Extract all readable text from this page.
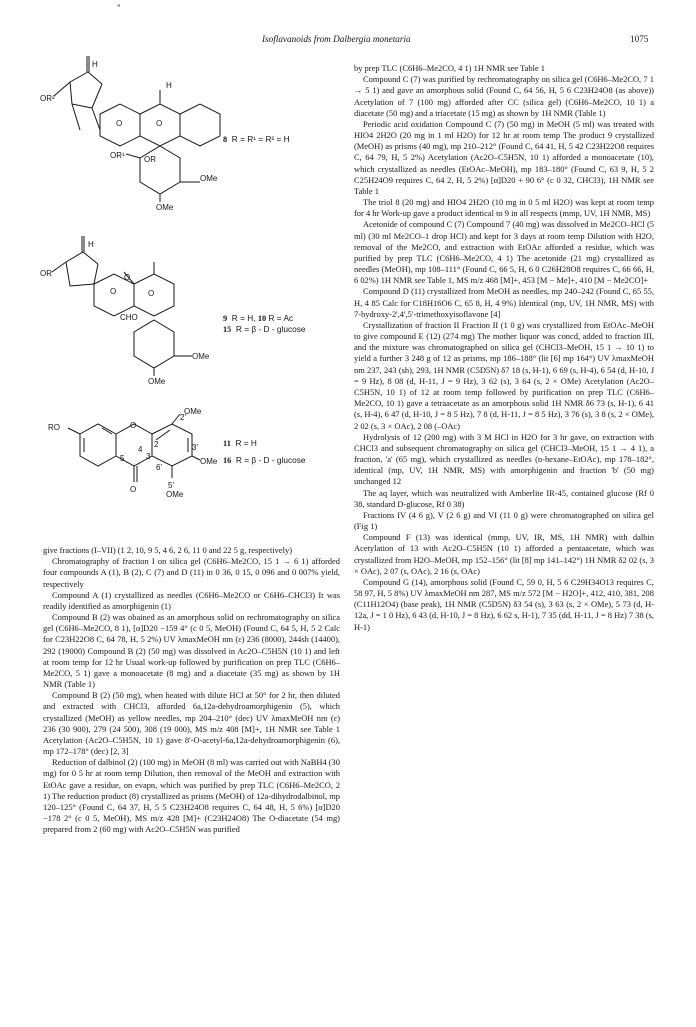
"
Isoflavanoids from Dalbergia monetaria	1075
H
OR²
H
O	O
OR¹ OR
OMe
OMe
H
OR
O
O
O
CHO
OMe
OMe
RO	O
O
2
3
4
5
2'
3'
6'
5'
OMe
OMe
OMe
8 R = R¹ = R² = H
9 R = H, 10 R = Ac
15 R = β - D - glucose
11 R = H
16 R = β - D - glucose

give fractions (I–VII) (1 2, 10, 9 5, 4 6, 2 6, 11 0 and 22 5 g, respectively)

Chromatography of fraction I on silica gel (C6H6–Me2CO, 15 1 → 6 1) afforded four compounds A (1), B (2), C (7) and D (11) in 0 36, 0 15, 0 096 and 0 007% yield, respectively

Compound A (1) crystallized as needles (C6H6–Me2CO or C6H6–CHCl3) It was readily identified as amorphigenin (1)

Compound B (2) was obained as an amorphous solid on rechromatography on silica gel (C6H6–Me2CO, 8 1), [α]D20 −159 4° (c 0 5, MeOH) (Found C, 64 5, H, 5 2 Calc for C23H22O8 C, 64 78, H, 5 2%) UV λmaxMeOH nm (ε) 236 (8000), 244sh (14400), 292 (19000) Compound B (2) (50 mg) was dissolved in Ac2O–C5H5N (10 1) and left at room temp for 12 hr Usual work-up followed by purification on prep TLC (C6H6–Me2CO, 5 1) gave a monoacetate (8 mg) and a diacetate (35 mg) as shown by 1H NMR (Table 1)

Compound B (2) (50 mg), when heated with dilute HCl at 50° for 2 hr, then diluted and extracted with CHCl3, afforded 6a,12a-dehydroamorphigenin (5), which crystallized (MeOH) as yellow needles, mp 204–210° (dec) UV λmaxMeOH nm (ε) 236 (30 900), 279 (24 500), 308 (19 000), MS m/z 408 [M]+, 1H NMR see Table 1 Acetylation (Ac2O–C5H5N, 10 1) gave 8'-O-acetyl-6a,12a-dehydroamorphigenin (6), mp 172–178° (dec) [2, 3]

Reduction of dalbinol (2) (100 mg) in MeOH (8 ml) was carried out with NaBH4 (30 mg) for 0 5 hr at room temp Dilution, then removal of the MeOH and extraction with EtOAc gave a residue, on evapn, which was purified by prep TLC (C6H6–Me2CO, 2 1) The reduction product (8) crystallized as prisms (MeOH) of 12a-dihydrodalbinol, mp 120–125° (Found C, 64 37, H, 5 5 C23H24O8 requires C, 64 48, H, 5 6%) [α]D20 −178 2° (c 0 5, MeOH), MS m/z 428 [M]+ (C23H24O8) The O-diacetate (54 mg) prepared from 2 (60 mg) with Ac2O–C5H5N was purified

by prep TLC (C6H6–Me2CO, 4 1) 1H NMR see Table 1

Compound C (7) was purified by rechromatography on silica gel (C6H6–Me2CO, 7 1 → 5 1) and gave an amorphous solid (Found C, 64 56, H, 5 6 C23H24O8 (as above)) Acetylation of 7 (100 mg) afforded after CC (silica gel) (C6H6–Me2CO, 10 1) a diacetate (50 mg) and a triacetate (15 mg) as shown by 1H NMR (Table 1)

Periodic acid oxidation Compound C (7) (50 mg) in MeOH (5 ml) was treated with HIO4 2H2O (20 mg in 1 ml H2O) for 12 hr at room temp The product 9 crystallized (MeOH) as prisms (40 mg), mp 210–212° (Found C, 64 41, H, 5 42 C23H22O8 requires C, 64 79, H, 5 2%) Acetylation (Ac2O–C5H5N, 10 1) afforded a monoacetate (10), which crystallized as needles (EtOAc–MeOH), mp 183–180° (Found C, 63 9, H, 5 2 C25H24O9 requires C, 64 2, H, 5 2%) [α]D20 + 90 6° (c 0 32, CHCl3), 1H NMR see Table 1

The triol 8 (20 mg) and HIO4 2H2O (10 mg in 0 5 ml H2O) was kept at room temp for 4 hr Work-up gave a product identical to 9 in all respects (mmp, UV, 1H NMR, MS)

Acetonide of compound C (7) Compound 7 (40 mg) was dissolved in Me2CO–HCl (5 ml) (30 ml Me2CO–1 drop HCl) and kept for 3 days at room temp Dilution with H2O, removal of the Me2CO, and extraction with EtOAc afforded a residue, which was purified by prep TLC (C6H6–Me2CO, 4 1) The acetonide (21 mg) crystallized as needles (MeOH), mp 108–111° (Found C, 66 5, H, 6 0 C26H28O8 requires C, 66 66, H, 6 02%) 1H NMR see Table 1, MS m/z 468 [M]+, 453 [M − Me]+, 410 [M − Me2CO]+

Compound D (11) crystallized from MeOH as needles, mp 240–242 (Found C, 65 55, H, 4 85 Calc for C18H16O6 C, 65 8, H, 4 9%) Identical (mp, UV, 1H NMR, MS) with 7-hydroxy-2',4',5'-trimethoxyisoflavone [4]

Crystallization of fraction II Fraction II (1 0 g) was crystallized from EtOAc–MeOH to give compound E (12) (274 mg) The mother liquor was concd, added to fraction III, and the mixture was chromatographed on silica gel (CHCl3–MeOH, 15 1 → 10 1) to yield a further 3 248 g of 12 as prisms, mp 186–188° (lit [6] mp 164°) UV λmaxMeOH nm 237, 243 (sh), 293, 1H NMR (C5D5N) δ7 18 (s, H-1), 6 69 (s, H-4), 6 54 (d, H-10, J = 9 Hz), 8 08 (d, H-11, J = 9 Hz), 3 62 (s), 3 64 (s, 2 × OMe) Acetylation (Ac2O–C5H5N, 10 1) of 12 at room temp followed by purification on prep TLC (C6H6–Me2CO, 10 1) gave a tetraacetate as an amorphous solid 1H NMR δ6 73 (s, H-1), 6 41 (s, H-4), 6 47 (d, H-10, J = 8 5 Hz), 7 8 (d, H-11, J = 8 5 Hz), 3 76 (s), 3 8 (s, 2 × OMe), 2 02 (s, 3 × OAc), 2 08 (–OAc)

Hydrolysis of 12 (200 mg) with 3 M HCl in H2O for 3 hr gave, on extraction with CHCl3 and subsequent chromatography on silica gel (CHCl3–MeOH, 15 1 → 4 1), a fraction, 'a' (65 mg), which crystallized as needles (n-hexane–EtOAc), mp 178–182°, identical (mp, UV, 1H NMR, MS) with amorphigenin and fraction 'b' (50 mg) unchanged 12

The aq layer, which was neutralized with Amberlite IR-45, contained glucose (Rf 0 38, standard D-glucose, Rf 0 38)

Fractions IV (4 6 g), V (2 6 g) and VI (11 0 g) were chromatographed on silica gel (Fig 1)

Compound F (13) was identical (mmp, UV, IR, MS, 1H NMR) with dalbin Acetylation of 13 with Ac2O–C5H5N (10 1) afforded a pentaacetate, which was crystallized from H2O–MeOH, mp 152–156° (lit [8] mp 141–142°) 1H NMR δ2 02 (s, 3 × OAc), 2 07 (s, OAc), 2 16 (s, OAc)

Compound G (14), amorphous solid (Found C, 59 0, H, 5 6 C29H34O13 requires C, 58 97, H, 5 8%) UV λmaxMeOH nm 287, MS m/z 572 [M − H2O]+, 412, 410, 381, 208 (C11H12O4) (base peak), 1H NMR (C5D5N) δ3 54 (s), 3 63 (s, 2 × OMe), 5 73 (d, H-12a, J = 1 0 Hz), 6 43 (d, H-10, J = 8 Hz), 6 62 s, H-1), 7 35 (dd, H-11, J = 8 Hz) 7 38 (s, H-1)
